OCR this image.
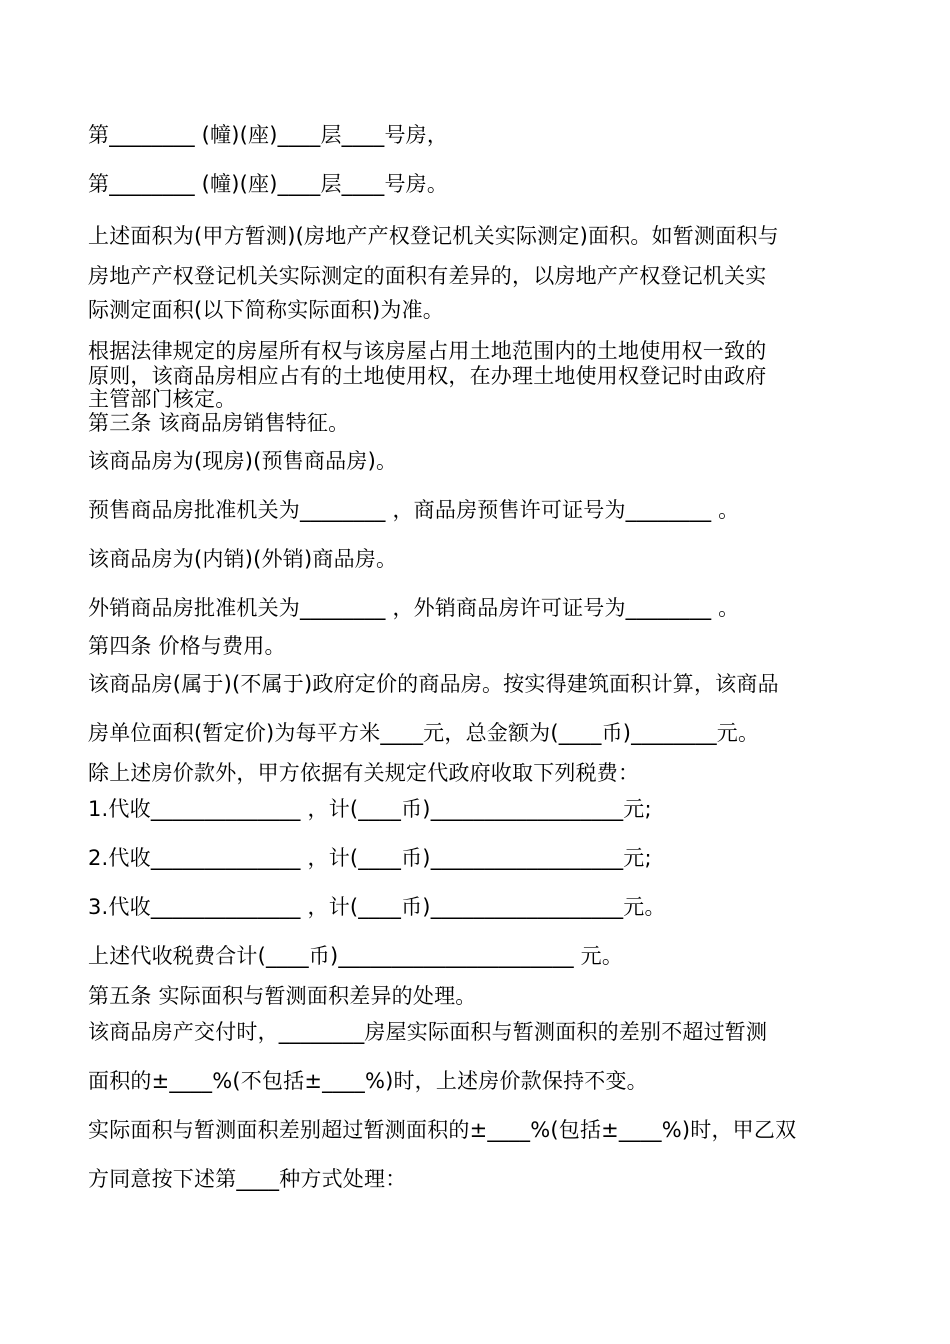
第________ (幢)(座)____层____号房，
第________ (幢)(座)____层____号房。
上述面积为(甲方暂测)(房地产产权登记机关实际测定)面积。如暂测面积与
房地产产权登记机关实际测定的面积有差异的，以房地产产权登记机关实
际测定面积(以下简称实际面积)为准。
根据法律规定的房屋所有权与该房屋占用土地范围内的土地使用权一致的
原则，该商品房相应占有的土地使用权，在办理土地使用权登记时由政府
主管部门核定。
第三条 该商品房销售特征。
该商品房为(现房)(预售商品房)。
预售商品房批准机关为________ ，商品房预售许可证号为________ 。
该商品房为(内销)(外销)商品房。
外销商品房批准机关为________ ，外销商品房许可证号为________ 。
第四条 价格与费用。
该商品房(属于)(不属于)政府定价的商品房。按实得建筑面积计算，该商品
房单位面积(暂定价)为每平方米____元，总金额为(____币)________元。
除上述房价款外，甲方依据有关规定代政府收取下列税费：
1.代收______________ ，计(____币)__________________元;
2.代收______________ ，计(____币)__________________元;
3.代收______________ ，计(____币)__________________元。
上述代收税费合计(____币)______________________ 元。
第五条 实际面积与暂测面积差异的处理。
该商品房产交付时，________房屋实际面积与暂测面积的差别不超过暂测
面积的±____%(不包括±____%)时，上述房价款保持不变。
实际面积与暂测面积差别超过暂测面积的±____%(包括±____%)时，甲乙双
方同意按下述第____种方式处理：
